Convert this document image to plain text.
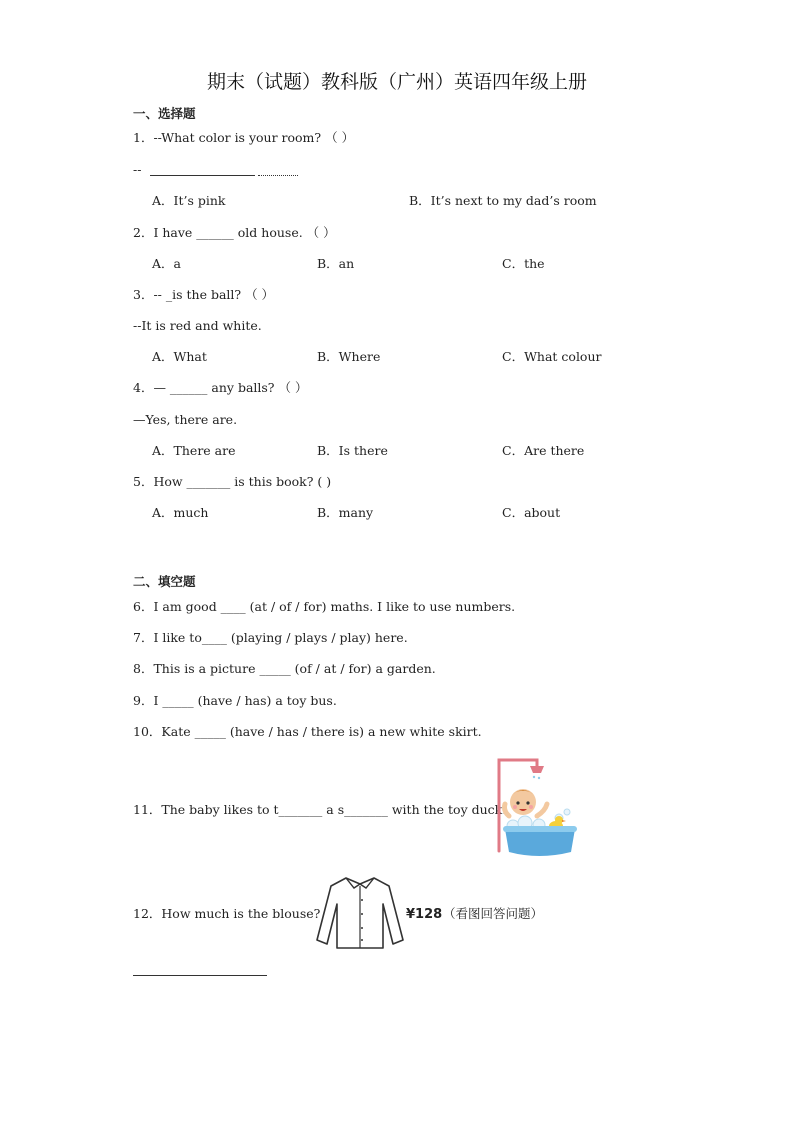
期末（试题）教科版（广州）英语四年级上册
一、选择题
1．--What color is your room? （ ）
--
A．It’s pink	B．It’s next to my dad’s room
2．I have ______ old house. （ ）
A．a	B．an	C．the
3．-- _is the ball? （ ）
--It is red and white.
A．What	B．Where	C．What colour
4．— ______ any balls? （ ）
—Yes, there are.
A．There are	B．Is there	C．Are there
5．How _______ is this book? ( )
A．much	B．many	C．about
二、填空题
6．I am good ____ (at / of / for) maths. I like to use numbers.
7．I like to____ (playing / plays / play) here.
8．This is a picture _____ (of / at / for) a garden.
9．I _____ (have / has) a toy bus.
10．Kate _____ (have / has / there is) a new white skirt.
11．The baby likes to t_______ a s_______ with the toy duck.
12．How much is the blouse?	¥128 （看图回答问题）
